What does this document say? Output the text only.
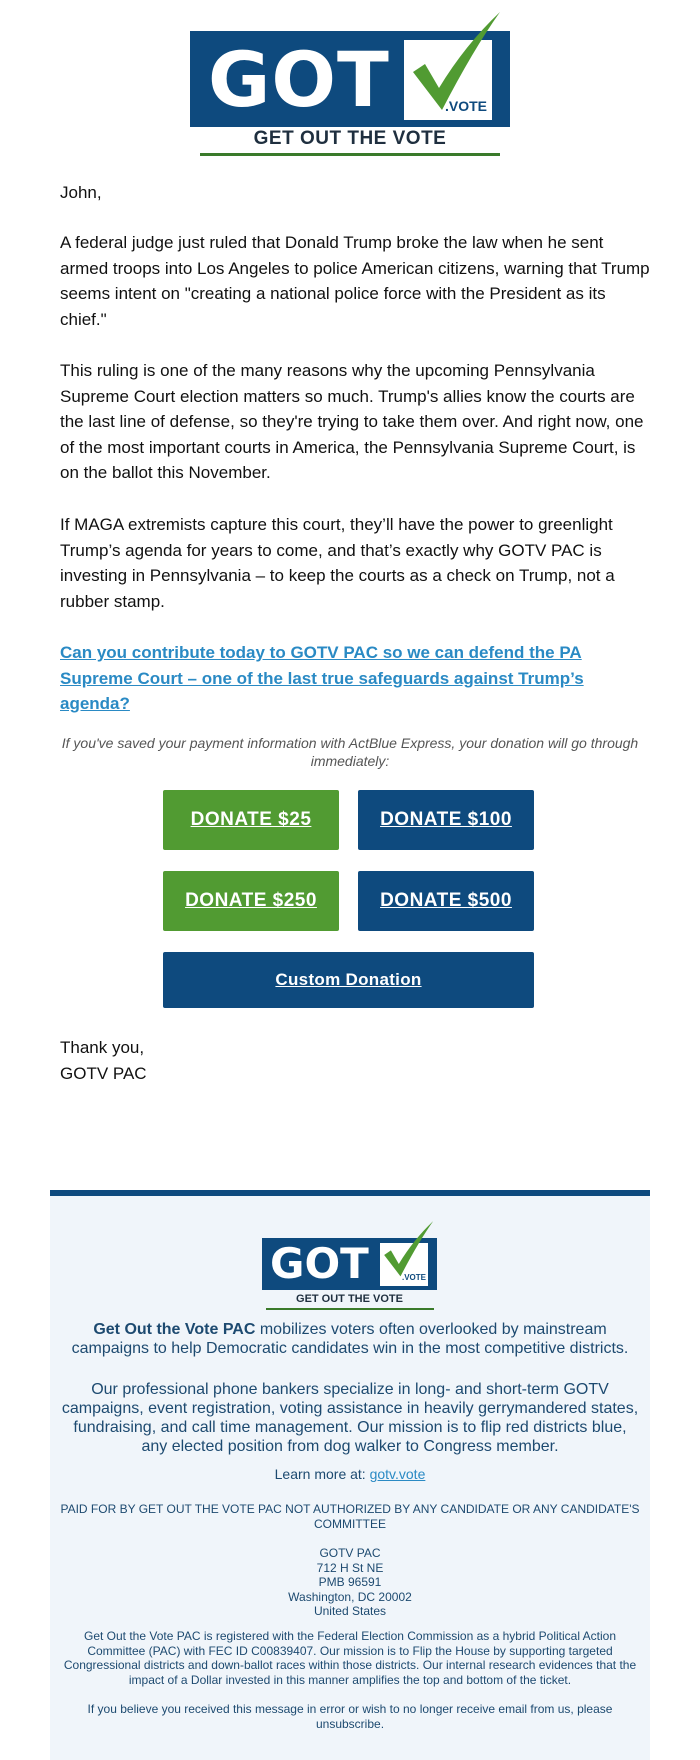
GOT	.VOTE
GET OUT THE VOTE
John,
A federal judge just ruled that Donald Trump broke the law when he sent armed troops into Los Angeles to police American citizens, warning that Trump seems intent on "creating a national police force with the President as its chief."
This ruling is one of the many reasons why the upcoming Pennsylvania Supreme Court election matters so much. Trump's allies know the courts are the last line of defense, so they're trying to take them over. And right now, one of the most important courts in America, the Pennsylvania Supreme Court, is on the ballot this November.
If MAGA extremists capture this court, they’ll have the power to greenlight Trump’s agenda for years to come, and that’s exactly why GOTV PAC is investing in Pennsylvania – to keep the courts as a check on Trump, not a rubber stamp.
Can you contribute today to GOTV PAC so we can defend the PA Supreme Court – one of the last true safeguards against Trump’s agenda?
If you've saved your payment information with ActBlue Express, your donation will go through immediately:
DONATE $25	DONATE $100
DONATE $250	DONATE $500
Custom Donation
Thank you,
GOTV PAC
GOT	.VOTE
GET OUT THE VOTE
Get Out the Vote PAC mobilizes voters often overlooked by mainstream campaigns to help Democratic candidates win in the most competitive districts.
Our professional phone bankers specialize in long- and short-term GOTV campaigns, event registration, voting assistance in heavily gerrymandered states, fundraising, and call time management. Our mission is to flip red districts blue, any elected position from dog walker to Congress member.
Learn more at: gotv.vote
PAID FOR BY GET OUT THE VOTE PAC NOT AUTHORIZED BY ANY CANDIDATE OR ANY CANDIDATE'S COMMITTEE
GOTV PAC
712 H St NE
PMB 96591
Washington, DC 20002
United States
Get Out the Vote PAC is registered with the Federal Election Commission as a hybrid Political Action Committee (PAC) with FEC ID C00839407. Our mission is to Flip the House by supporting targeted Congressional districts and down-ballot races within those districts. Our internal research evidences that the impact of a Dollar invested in this manner amplifies the top and bottom of the ticket.
If you believe you received this message in error or wish to no longer receive email from us, please unsubscribe.
